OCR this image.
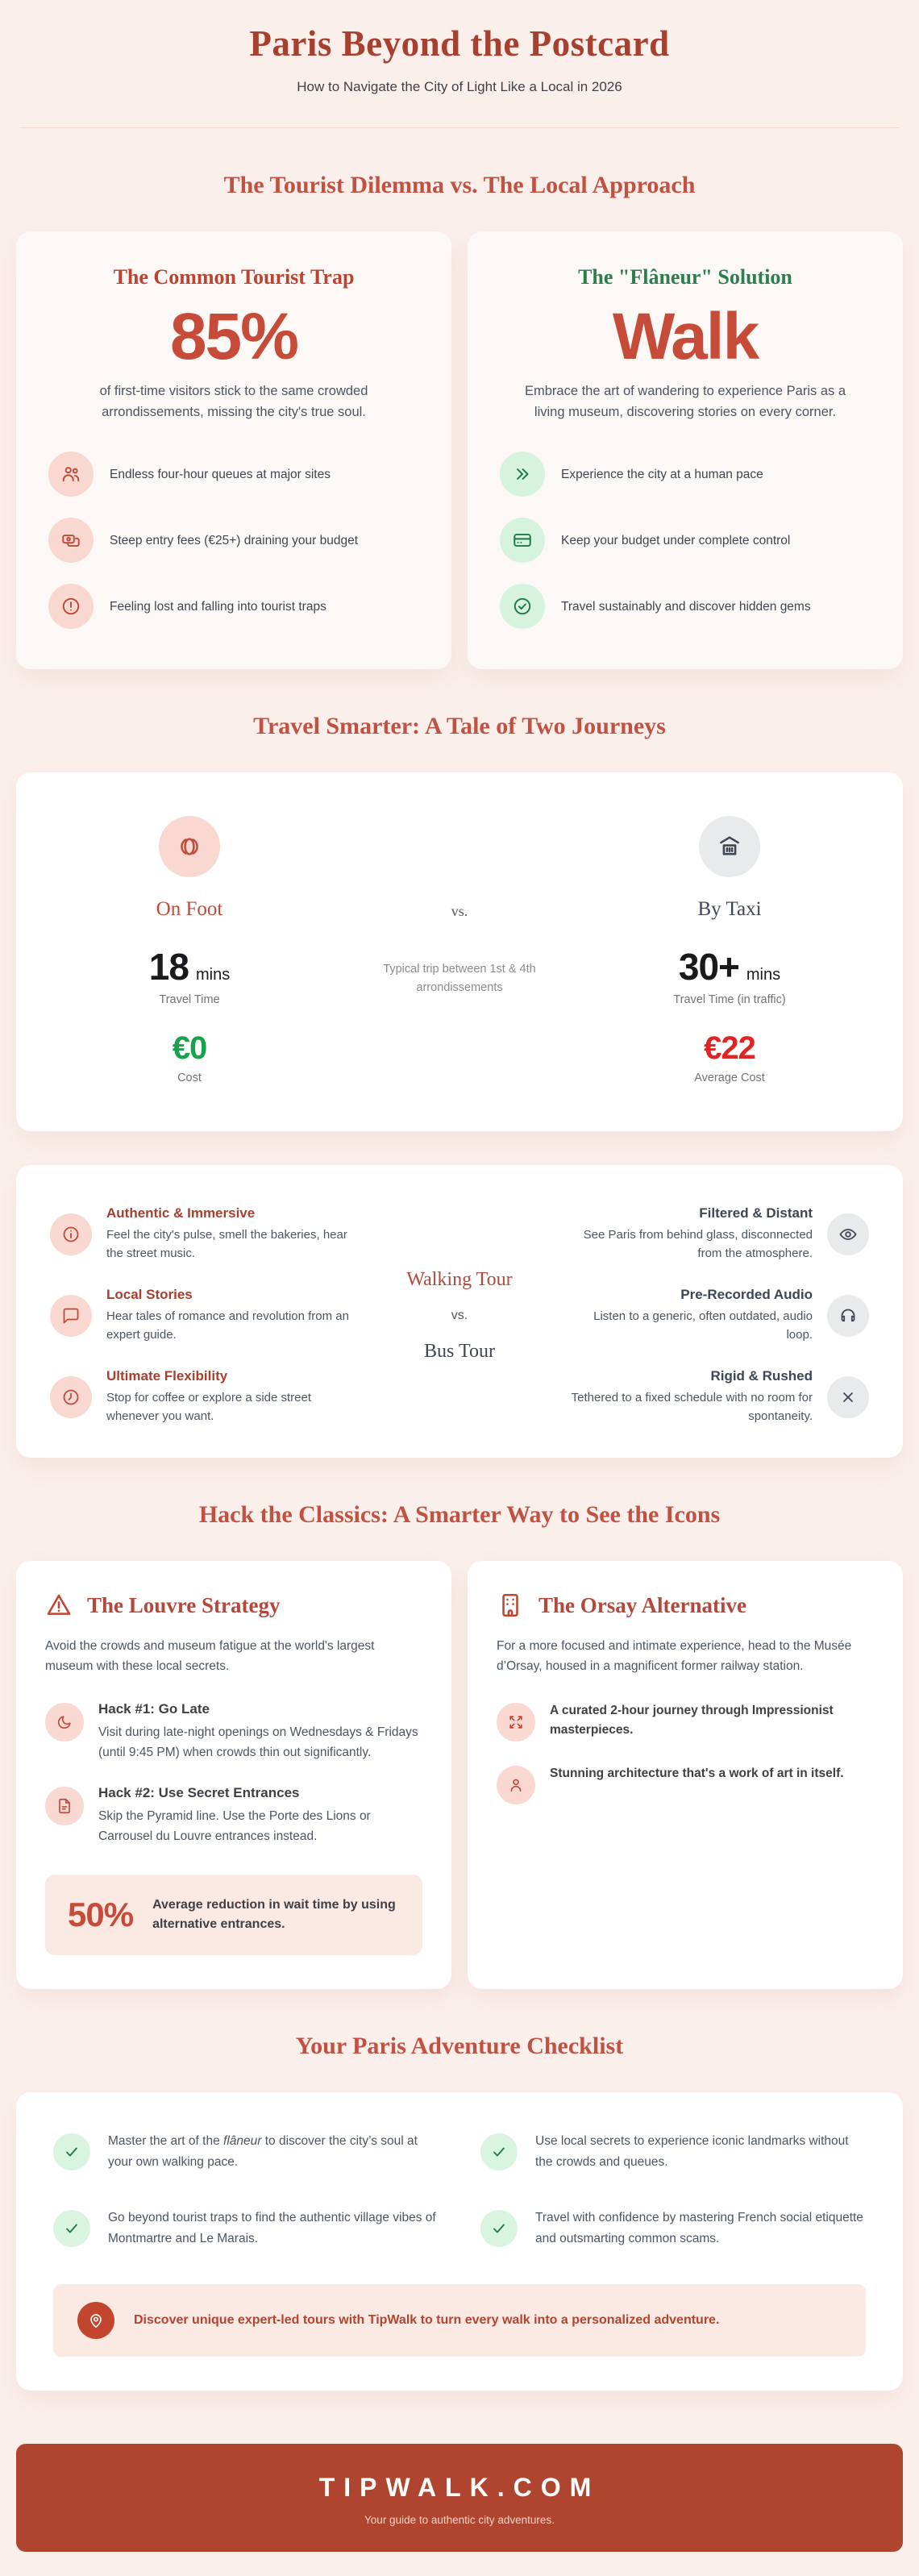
Paris Beyond the Postcard

How to Navigate the City of Light Like a Local in 2026

The Tourist Dilemma vs. The Local Approach
The Common Tourist Trap
85%

of first-time visitors stick to the same crowded arrondissements, missing the city's true soul.

Endless four-hour queues at major sites
Steep entry fees (€25+) draining your budget
Feeling lost and falling into tourist traps
The "Flâneur" Solution
Walk

Embrace the art of wandering to experience Paris as a living museum, discovering stories on every corner.

Experience the city at a human pace
Keep your budget under complete control
Travel sustainably and discover hidden gems
Travel Smarter: A Tale of Two Journeys
On Foot
18 mins
Travel Time
€0
Cost
vs.
Typical trip between 1st & 4th arrondissements
By Taxi
30+ mins
Travel Time (in traffic)
€22
Average Cost
Authentic & Immersive
Feel the city's pulse, smell the bakeries, hear the street music.
Local Stories
Hear tales of romance and revolution from an expert guide.
Ultimate Flexibility
Stop for coffee or explore a side street whenever you want.
Walking Tour
vs.
Bus Tour
Filtered & Distant
See Paris from behind glass, disconnected from the atmosphere.
Pre-Recorded Audio
Listen to a generic, often outdated, audio loop.
Rigid & Rushed
Tethered to a fixed schedule with no room for spontaneity.
Hack the Classics: A Smarter Way to See the Icons
The Louvre Strategy

Avoid the crowds and museum fatigue at the world's largest museum with these local secrets.

Hack #1: Go Late
Visit during late-night openings on Wednesdays & Fridays (until 9:45 PM) when crowds thin out significantly.
Hack #2: Use Secret Entrances
Skip the Pyramid line. Use the Porte des Lions or Carrousel du Louvre entrances instead.
50% Average reduction in wait time by using alternative entrances.
The Orsay Alternative

For a more focused and intimate experience, head to the Musée d’Orsay, housed in a magnificent former railway station.

A curated 2-hour journey through Impressionist masterpieces.
Stunning architecture that's a work of art in itself.
Your Paris Adventure Checklist
Master the art of the flâneur to discover the city’s soul at your own walking pace.
Use local secrets to experience iconic landmarks without the crowds and queues.
Go beyond tourist traps to find the authentic village vibes of Montmartre and Le Marais.
Travel with confidence by mastering French social etiquette and outsmarting common scams.
Discover unique expert-led tours with TipWalk to turn every walk into a personalized adventure.
TIPWALK.COM
Your guide to authentic city adventures.
